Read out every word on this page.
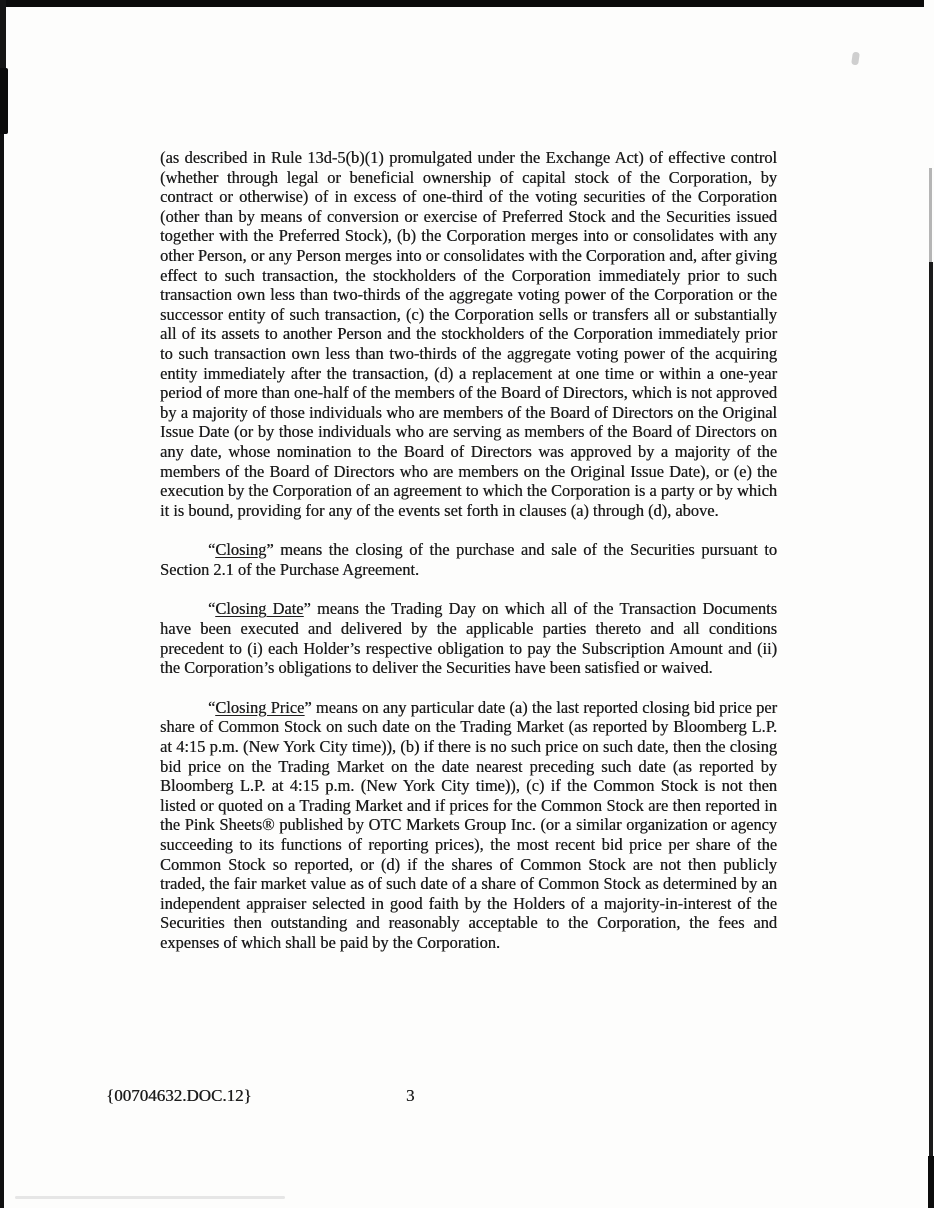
(as described in Rule 13d-5(b)(1) promulgated under the Exchange Act) of effective control (whether through legal or beneficial ownership of capital stock of the Corporation, by contract or otherwise) of in excess of one-third of the voting securities of the Corporation (other than by means of conversion or exercise of Preferred Stock and the Securities issued together with the Preferred Stock), (b) the Corporation merges into or consolidates with any other Person, or any Person merges into or consolidates with the Corporation and, after giving effect to such transaction, the stockholders of the Corporation immediately prior to such transaction own less than two-thirds of the aggregate voting power of the Corporation or the successor entity of such transaction, (c) the Corporation sells or transfers all or substantially all of its assets to another Person and the stockholders of the Corporation immediately prior to such transaction own less than two-thirds of the aggregate voting power of the acquiring entity immediately after the transaction, (d) a replacement at one time or within a one-year period of more than one-half of the members of the Board of Directors, which is not approved by a majority of those individuals who are members of the Board of Directors on the Original Issue Date (or by those individuals who are serving as members of the Board of Directors on any date, whose nomination to the Board of Directors was approved by a majority of the members of the Board of Directors who are members on the Original Issue Date), or (e) the execution by the Corporation of an agreement to which the Corporation is a party or by which it is bound, providing for any of the events set forth in clauses (a) through (d), above.

“Closing” means the closing of the purchase and sale of the Securities pursuant to Section 2.1 of the Purchase Agreement.

“Closing Date” means the Trading Day on which all of the Transaction Documents have been executed and delivered by the applicable parties thereto and all conditions precedent to (i) each Holder’s respective obligation to pay the Subscription Amount and (ii) the Corporation’s obligations to deliver the Securities have been satisfied or waived.

“Closing Price” means on any particular date (a) the last reported closing bid price per share of Common Stock on such date on the Trading Market (as reported by Bloomberg L.P. at 4:15 p.m. (New York City time)), (b) if there is no such price on such date, then the closing bid price on the Trading Market on the date nearest preceding such date (as reported by Bloomberg L.P. at 4:15 p.m. (New York City time)), (c) if the Common Stock is not then listed or quoted on a Trading Market and if prices for the Common Stock are then reported in the Pink Sheets® published by OTC Markets Group Inc. (or a similar organization or agency succeeding to its functions of reporting prices), the most recent bid price per share of the Common Stock so reported, or (d) if the shares of Common Stock are not then publicly traded, the fair market value as of such date of a share of Common Stock as determined by an independent appraiser selected in good faith by the Holders of a majority-in-interest of the Securities then outstanding and reasonably acceptable to the Corporation, the fees and expenses of which shall be paid by the Corporation.

{00704632.DOC.12}	3
